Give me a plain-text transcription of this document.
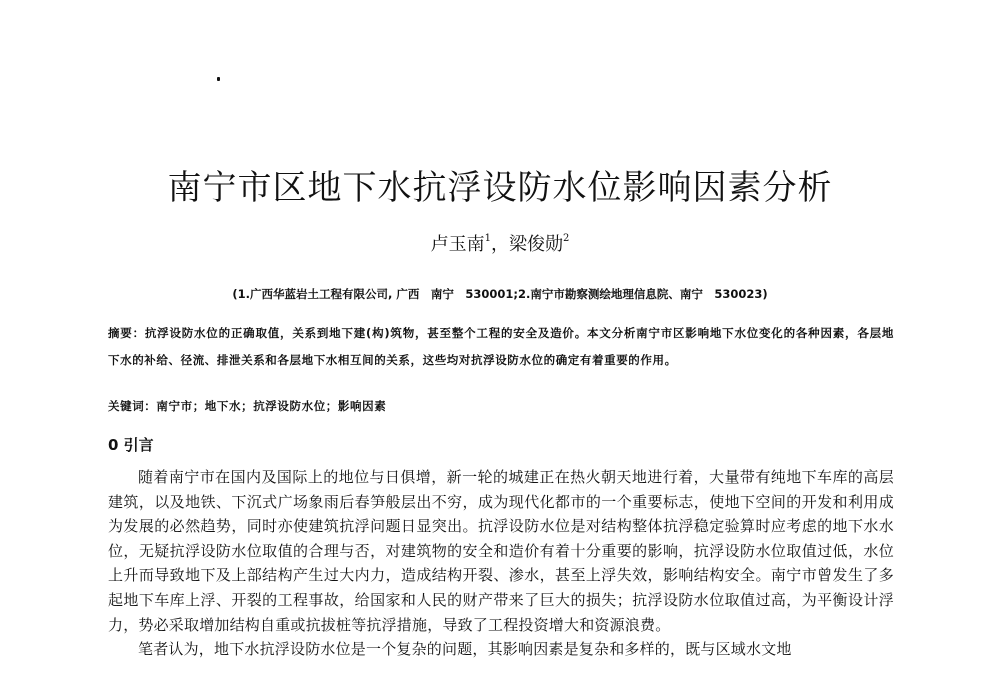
南宁市区地下水抗浮设防水位影响因素分析
卢玉南$^1$，梁俊勋$^2$
(1.广西华蓝岩土工程有限公司, 广西　南宁　530001;2.南宁市勘察测绘地理信息院、南宁　530023)
摘要：抗浮设防水位的正确取值，关系到地下建(构)筑物，甚至整个工程的安全及造价。本文分析南宁市区影响地下水位变化的各种因素，各层地下水的补给、径流、排泄关系和各层地下水相互间的关系，这些均对抗浮设防水位的确定有着重要的作用。
关键词：南宁市；地下水；抗浮设防水位；影响因素
0 引言

随着南宁市在国内及国际上的地位与日俱增，新一轮的城建正在热火朝天地进行着，大量带有纯地下车库的高层建筑，以及地铁、下沉式广场象雨后春笋般层出不穷，成为现代化都市的一个重要标志，使地下空间的开发和利用成为发展的必然趋势，同时亦使建筑抗浮问题日显突出。抗浮设防水位是对结构整体抗浮稳定验算时应考虑的地下水水位，无疑抗浮设防水位取值的合理与否，对建筑物的安全和造价有着十分重要的影响，抗浮设防水位取值过低，水位上升而导致地下及上部结构产生过大内力，造成结构开裂、渗水，甚至上浮失效，影响结构安全。南宁市曾发生了多起地下车库上浮、开裂的工程事故，给国家和人民的财产带来了巨大的损失；抗浮设防水位取值过高，为平衡设计浮力，势必采取增加结构自重或抗拔桩等抗浮措施，导致了工程投资增大和资源浪费。

笔者认为，地下水抗浮设防水位是一个复杂的问题，其影响因素是复杂和多样的，既与区域水文地
